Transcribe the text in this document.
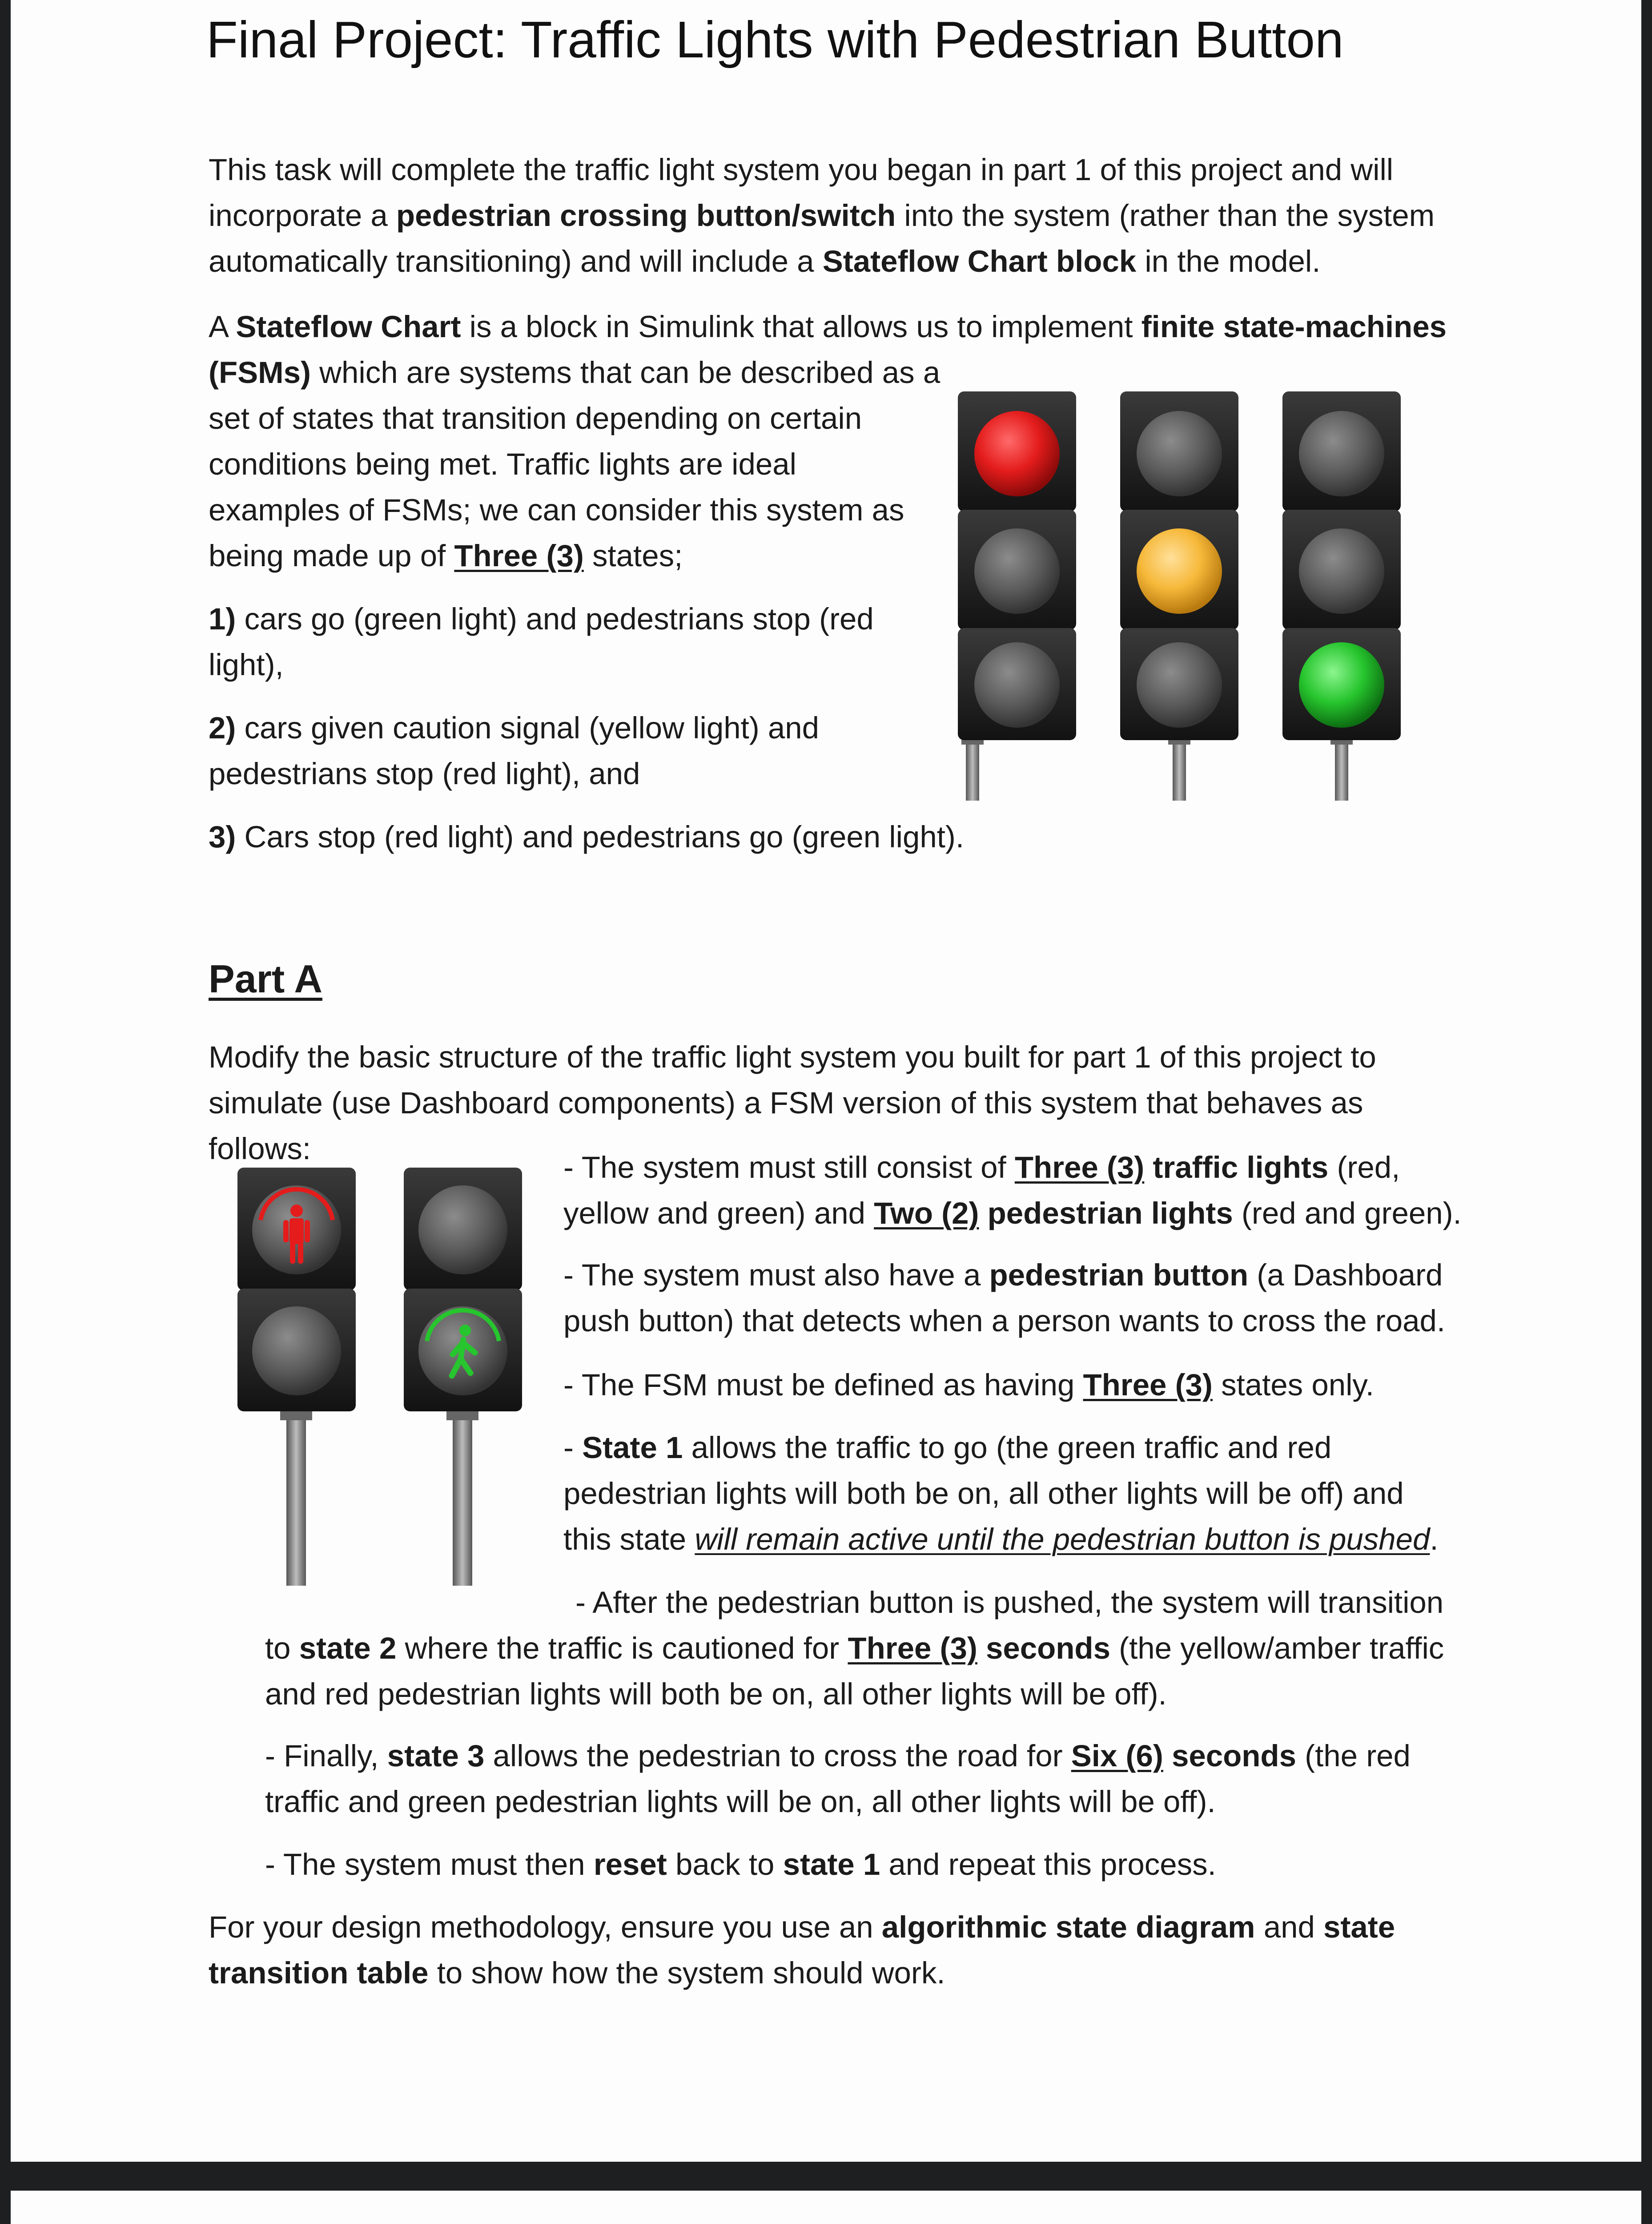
Final Project: Traffic Lights with Pedestrian Button

This task will complete the traffic light system you began in part 1 of this project and will incorporate a pedestrian crossing button/switch into the system (rather than the system automatically transitioning) and will include a Stateflow Chart block in the model.

A Stateflow Chart is a block in Simulink that allows us to implement finite state-machines
(FSMs) which are systems that can be described as a
set of states that transition depending on certain
conditions being met. Traffic lights are ideal
examples of FSMs; we can consider this system as
being made up of Three (3) states;
1) cars go (green light) and pedestrians stop (red
light),
2) cars given caution signal (yellow light) and
pedestrians stop (red light), and
3) Cars stop (red light) and pedestrians go (green light).
Part A

Modify the basic structure of the traffic light system you built for part 1 of this project to simulate (use Dashboard components) a FSM version of this system that behaves as follows:

- The system must still consist of Three (3) traffic lights (red,
yellow and green) and Two (2) pedestrian lights (red and green).
- The system must also have a pedestrian button (a Dashboard
push button) that detects when a person wants to cross the road.
- The FSM must be defined as having Three (3) states only.
- State 1 allows the traffic to go (the green traffic and red
pedestrian lights will both be on, all other lights will be off) and
this state will remain active until the pedestrian button is pushed.
- After the pedestrian button is pushed, the system will transition
to state 2 where the traffic is cautioned for Three (3) seconds (the yellow/amber traffic
and red pedestrian lights will both be on, all other lights will be off).
- Finally, state 3 allows the pedestrian to cross the road for Six (6) seconds (the red
traffic and green pedestrian lights will be on, all other lights will be off).
- The system must then reset back to state 1 and repeat this process.
For your design methodology, ensure you use an algorithmic state diagram and state
transition table to show how the system should work.
